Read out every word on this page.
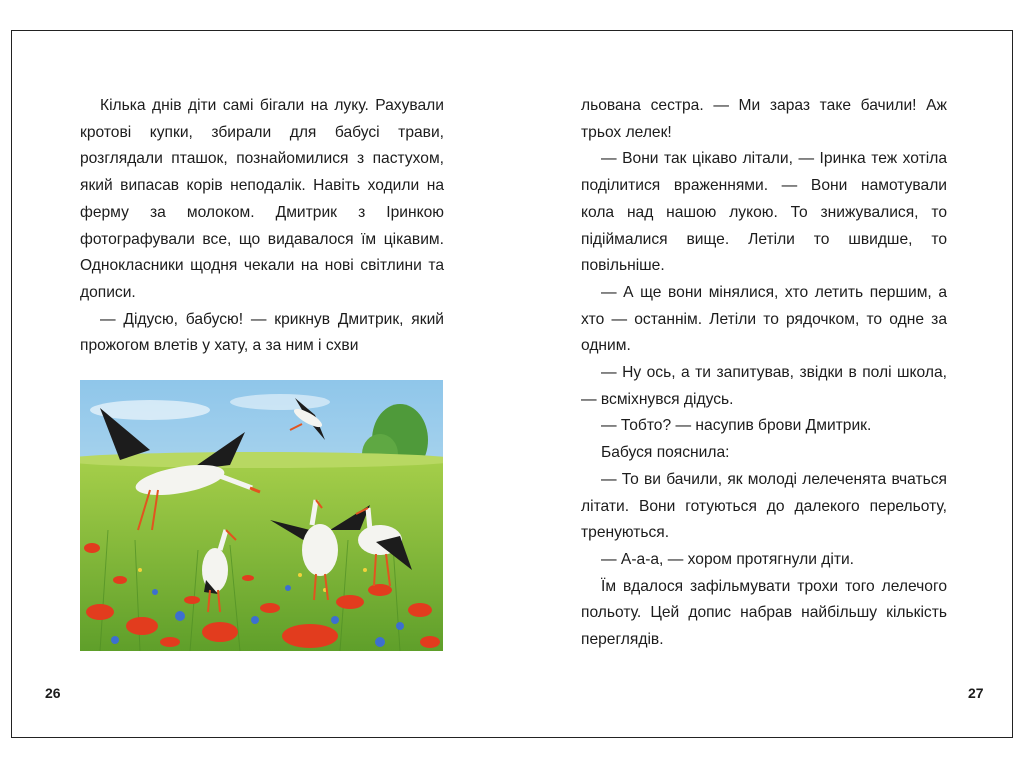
Кілька днів діти самі бігали на луку. Рахували кротові купки, збирали для бабусі трави, розглядали пташок, познайомилися з пастухом, який випасав корів неподалік. Навіть ходили на ферму за молоком. Дмитрик з Іринкою фотографували все, що видавалося їм цікавим. Однокласники щодня чекали на нові світлини та дописи.

— Дідусю, бабусю! — крикнув Дмитрик, який прожогом влетів у хату, а за ним і схви

26

льована сестра. — Ми зараз таке бачили! Аж трьох лелек!

— Вони так цікаво літали, — Іринка теж хотіла поділитися враженнями. — Вони намотували кола над нашою лукою. То знижувалися, то підіймалися вище. Летіли то швидше, то повільніше.

— А ще вони мінялися, хто летить першим, а хто — останнім. Летіли то рядочком, то одне за одним.

— Ну ось, а ти запитував, звідки в полі школа, — всміхнувся дідусь.

— Тобто? — насупив брови Дмитрик.

Бабуся пояснила:

— То ви бачили, як молоді лелеченята вчаться літати. Вони готуються до далекого перельоту, тренуються.

— А-а-а, — хором протягнули діти.

Їм вдалося зафільмувати трохи того лелечого польоту. Цей допис набрав найбільшу кількість переглядів.

27
